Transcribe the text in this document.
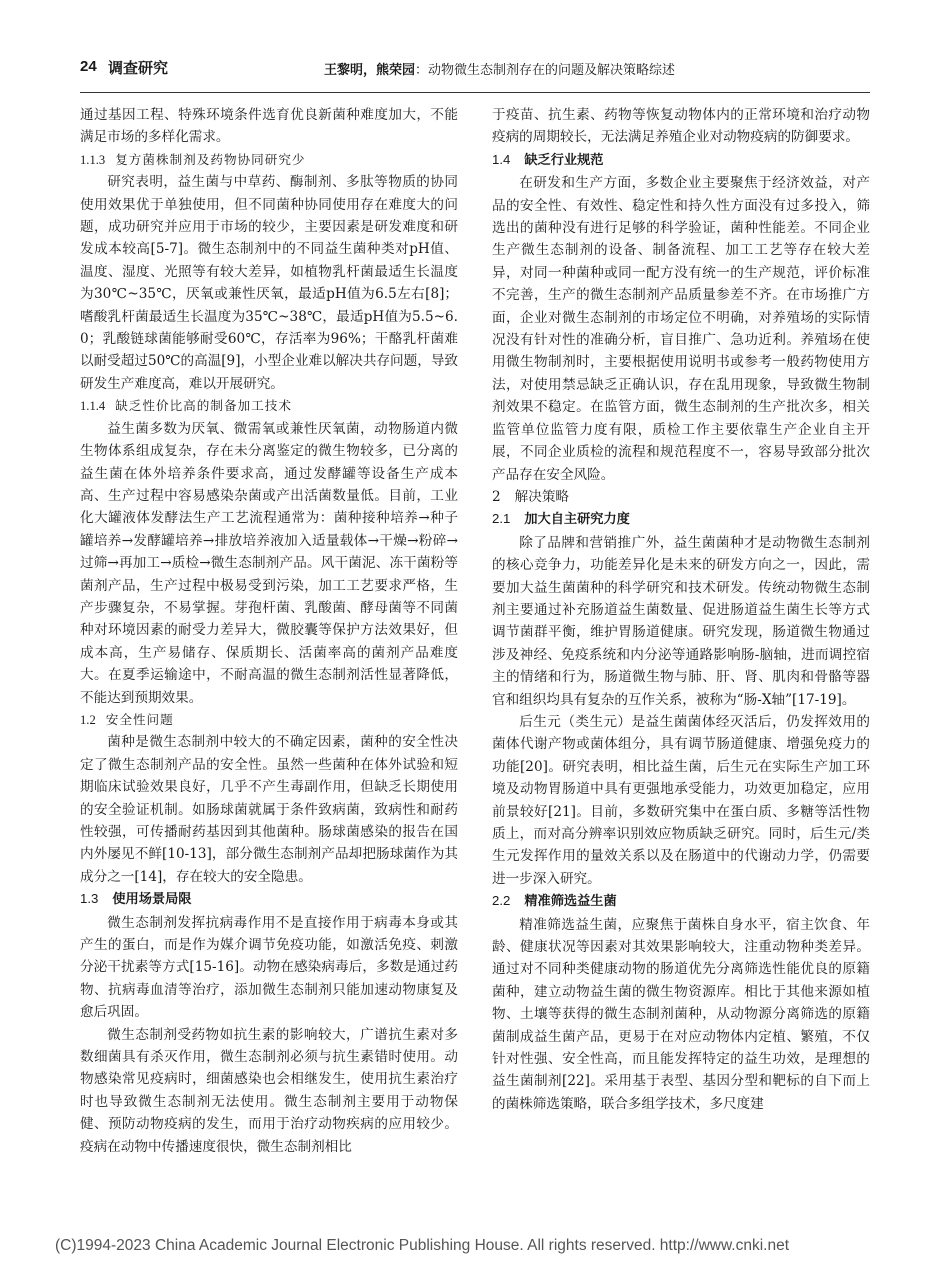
24 调查研究	王黎明，熊荣园：动物微生态制剂存在的问题及解决策略综述
通过基因工程、特殊环境条件选育优良新菌种难度加大，不能满足市场的多样化需求。
1.1.3 复方菌株制剂及药物协同研究少
研究表明，益生菌与中草药、酶制剂、多肽等物质的协同使用效果优于单独使用，但不同菌种协同使用存在难度大的问题，成功研究并应用于市场的较少，主要因素是研发难度和研发成本较高[5-7]。微生态制剂中的不同益生菌种类对pH值、温度、湿度、光照等有较大差异，如植物乳杆菌最适生长温度为30℃~35℃，厌氧或兼性厌氧，最适pH值为6.5左右[8]；嗜酸乳杆菌最适生长温度为35℃~38℃，最适pH值为5.5~6.0；乳酸链球菌能够耐受60℃，存活率为96%；干酪乳杆菌难以耐受超过50℃的高温[9]，小型企业难以解决共存问题，导致研发生产难度高，难以开展研究。
1.1.4 缺乏性价比高的制备加工技术
益生菌多数为厌氧、微需氧或兼性厌氧菌，动物肠道内微生物体系组成复杂，存在未分离鉴定的微生物较多，已分离的益生菌在体外培养条件要求高，通过发酵罐等设备生产成本高、生产过程中容易感染杂菌或产出活菌数量低。目前，工业化大罐液体发酵法生产工艺流程通常为：菌种接种培养→种子罐培养→发酵罐培养→排放培养液加入适量载体→干燥→粉碎→过筛→再加工→质检→微生态制剂产品。风干菌泥、冻干菌粉等菌剂产品，生产过程中极易受到污染，加工工艺要求严格，生产步骤复杂，不易掌握。芽孢杆菌、乳酸菌、酵母菌等不同菌种对环境因素的耐受力差异大，微胶囊等保护方法效果好，但成本高，生产易储存、保质期长、活菌率高的菌剂产品难度大。在夏季运输途中，不耐高温的微生态制剂活性显著降低，不能达到预期效果。
1.2 安全性问题
菌种是微生态制剂中较大的不确定因素，菌种的安全性决定了微生态制剂产品的安全性。虽然一些菌种在体外试验和短期临床试验效果良好，几乎不产生毒副作用，但缺乏长期使用的安全验证机制。如肠球菌就属于条件致病菌，致病性和耐药性较强，可传播耐药基因到其他菌种。肠球菌感染的报告在国内外屡见不鲜[10-13]，部分微生态制剂产品却把肠球菌作为其成分之一[14]，存在较大的安全隐患。
1.3 使用场景局限
微生态制剂发挥抗病毒作用不是直接作用于病毒本身或其产生的蛋白，而是作为媒介调节免疫功能，如激活免疫、刺激分泌干扰素等方式[15-16]。动物在感染病毒后，多数是通过药物、抗病毒血清等治疗，添加微生态制剂只能加速动物康复及愈后巩固。
微生态制剂受药物如抗生素的影响较大，广谱抗生素对多数细菌具有杀灭作用，微生态制剂必须与抗生素错时使用。动物感染常见疫病时，细菌感染也会相继发生，使用抗生素治疗时也导致微生态制剂无法使用。微生态制剂主要用于动物保健、预防动物疫病的发生，而用于治疗动物疾病的应用较少。疫病在动物中传播速度很快，微生态制剂相比
于疫苗、抗生素、药物等恢复动物体内的正常环境和治疗动物疫病的周期较长，无法满足养殖企业对动物疫病的防御要求。
1.4 缺乏行业规范
在研发和生产方面，多数企业主要聚焦于经济效益，对产品的安全性、有效性、稳定性和持久性方面没有过多投入，筛选出的菌种没有进行足够的科学验证，菌种性能差。不同企业生产微生态制剂的设备、制备流程、加工工艺等存在较大差异，对同一种菌种或同一配方没有统一的生产规范，评价标准不完善，生产的微生态制剂产品质量参差不齐。在市场推广方面，企业对微生态制剂的市场定位不明确，对养殖场的实际情况没有针对性的准确分析，盲目推广、急功近利。养殖场在使用微生物制剂时，主要根据使用说明书或参考一般药物使用方法，对使用禁忌缺乏正确认识，存在乱用现象，导致微生物制剂效果不稳定。在监管方面，微生态制剂的生产批次多，相关监管单位监管力度有限，质检工作主要依靠生产企业自主开展，不同企业质检的流程和规范程度不一，容易导致部分批次产品存在安全风险。
2 解决策略
2.1 加大自主研究力度
除了品牌和营销推广外，益生菌菌种才是动物微生态制剂的核心竞争力，功能差异化是未来的研发方向之一，因此，需要加大益生菌菌种的科学研究和技术研发。传统动物微生态制剂主要通过补充肠道益生菌数量、促进肠道益生菌生长等方式调节菌群平衡，维护胃肠道健康。研究发现，肠道微生物通过涉及神经、免疫系统和内分泌等通路影响肠-脑轴，进而调控宿主的情绪和行为，肠道微生物与肺、肝、肾、肌肉和骨骼等器官和组织均具有复杂的互作关系，被称为“肠-X轴”[17-19]。
后生元（类生元）是益生菌菌体经灭活后，仍发挥效用的菌体代谢产物或菌体组分，具有调节肠道健康、增强免疫力的功能[20]。研究表明，相比益生菌，后生元在实际生产加工环境及动物胃肠道中具有更强地承受能力，功效更加稳定，应用前景较好[21]。目前，多数研究集中在蛋白质、多糖等活性物质上，而对高分辨率识别效应物质缺乏研究。同时，后生元/类生元发挥作用的量效关系以及在肠道中的代谢动力学，仍需要进一步深入研究。
2.2 精准筛选益生菌
精准筛选益生菌，应聚焦于菌株自身水平，宿主饮食、年龄、健康状况等因素对其效果影响较大，注重动物种类差异。通过对不同种类健康动物的肠道优先分离筛选性能优良的原籍菌种，建立动物益生菌的微生物资源库。相比于其他来源如植物、土壤等获得的微生态制剂菌种，从动物源分离筛选的原籍菌制成益生菌产品，更易于在对应动物体内定植、繁殖，不仅针对性强、安全性高，而且能发挥特定的益生功效，是理想的益生菌制剂[22]。采用基于表型、基因分型和靶标的自下而上的菌株筛选策略，联合多组学技术，多尺度建
(C)1994-2023 China Academic Journal Electronic Publishing House. All rights reserved. http://www.cnki.net
